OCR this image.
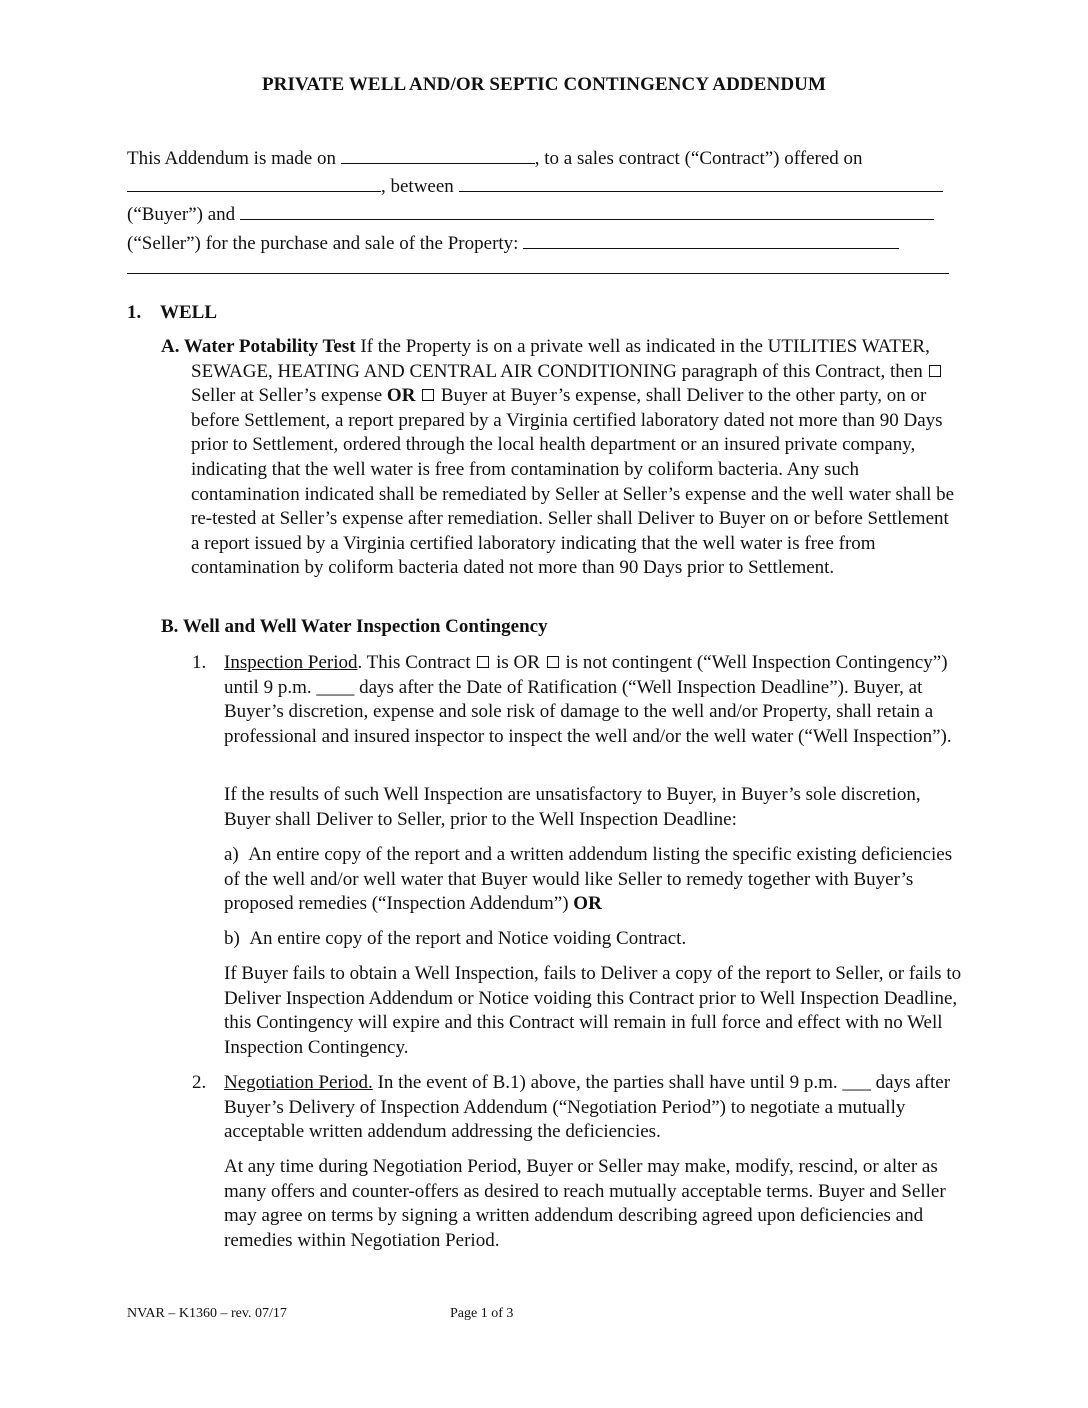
PRIVATE WELL AND/OR SEPTIC CONTINGENCY ADDENDUM
This Addendum is made on	, to a sales contract (“Contract”) offered on
, between
(“Buyer”) and
(“Seller”) for the purchase and sale of the Property:
1. WELL

A. Water Potability Test If the Property is on a private well as indicated in the UTILITIES WATER, SEWAGE, HEATING AND CENTRAL AIR CONDITIONING paragraph of this Contract, then  Seller at Seller’s expense OR  Buyer at Buyer’s expense, shall Deliver to the other party, on or before Settlement, a report prepared by a Virginia certified laboratory dated not more than 90 Days prior to Settlement, ordered through the local health department or an insured private company, indicating that the well water is free from contamination by coliform bacteria. Any such contamination indicated shall be remediated by Seller at Seller’s expense and the well water shall be re-tested at Seller’s expense after remediation. Seller shall Deliver to Buyer on or before Settlement a report issued by a Virginia certified laboratory indicating that the well water is free from contamination by coliform bacteria dated not more than 90 Days prior to Settlement.

B. Well and Well Water Inspection Contingency

1. Inspection Period. This Contract  is OR  is not contingent (“Well Inspection Contingency”) until 9 p.m. ____ days after the Date of Ratification (“Well Inspection Deadline”). Buyer, at Buyer’s discretion, expense and sole risk of damage to the well and/or Property, shall retain a professional and insured inspector to inspect the well and/or the well water (“Well Inspection”).

If the results of such Well Inspection are unsatisfactory to Buyer, in Buyer’s sole discretion, Buyer shall Deliver to Seller, prior to the Well Inspection Deadline:

a) An entire copy of the report and a written addendum listing the specific existing deficiencies of the well and/or well water that Buyer would like Seller to remedy together with Buyer’s proposed remedies (“Inspection Addendum”) OR

b) An entire copy of the report and Notice voiding Contract.

If Buyer fails to obtain a Well Inspection, fails to Deliver a copy of the report to Seller, or fails to Deliver Inspection Addendum or Notice voiding this Contract prior to Well Inspection Deadline, this Contingency will expire and this Contract will remain in full force and effect with no Well Inspection Contingency.

2. Negotiation Period. In the event of B.1) above, the parties shall have until 9 p.m. ___ days after Buyer’s Delivery of Inspection Addendum (“Negotiation Period”) to negotiate a mutually acceptable written addendum addressing the deficiencies.

At any time during Negotiation Period, Buyer or Seller may make, modify, rescind, or alter as many offers and counter-offers as desired to reach mutually acceptable terms. Buyer and Seller may agree on terms by signing a written addendum describing agreed upon deficiencies and remedies within Negotiation Period.
NVAR – K1360 – rev. 07/17	Page 1 of 3
